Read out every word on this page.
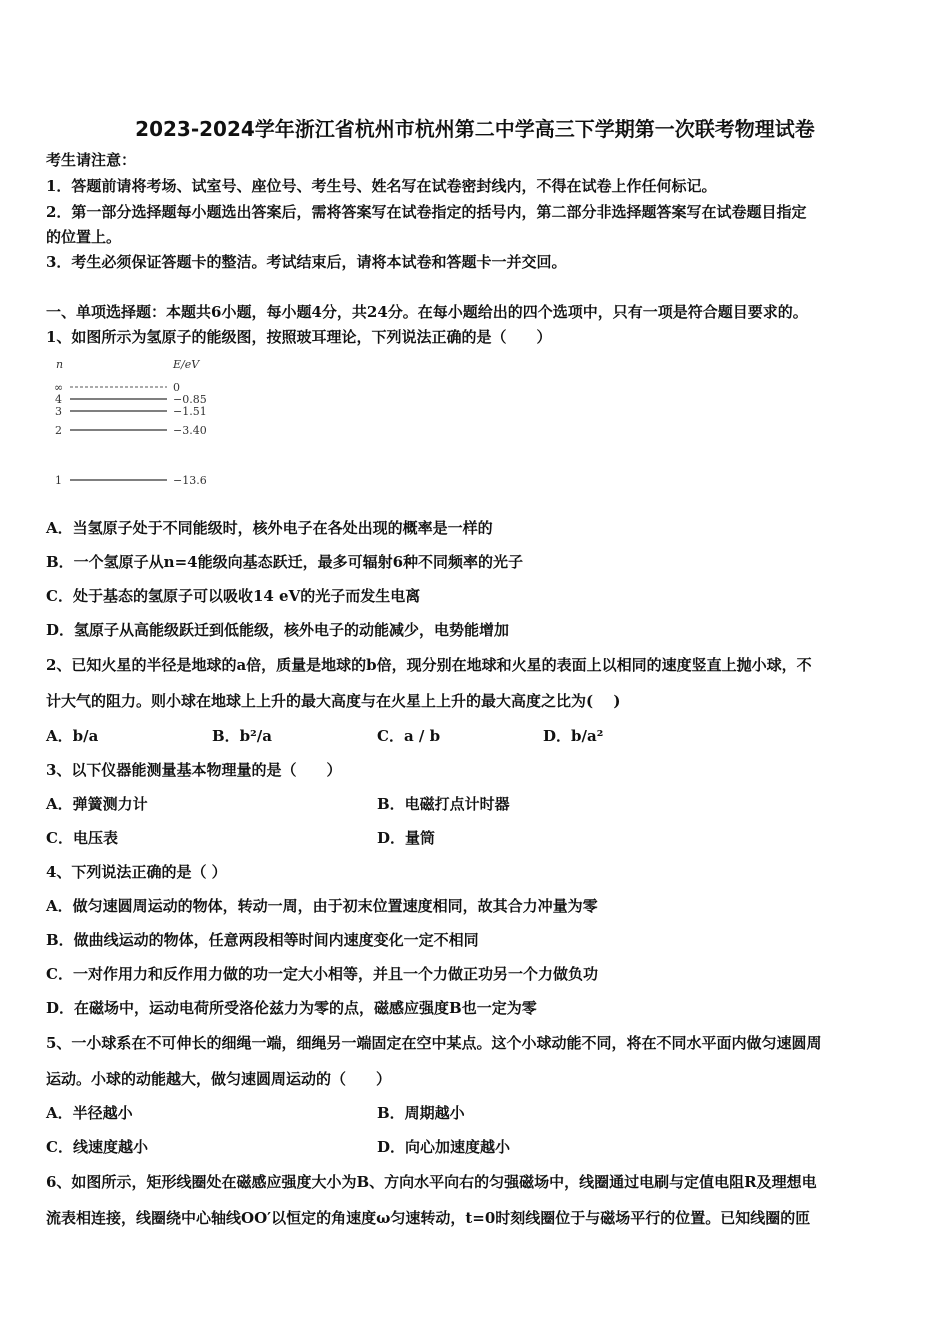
2023-2024学年浙江省杭州市杭州第二中学高三下学期第一次联考物理试卷
考生请注意：
1．答题前请将考场、试室号、座位号、考生号、姓名写在试卷密封线内，不得在试卷上作任何标记。
2．第一部分选择题每小题选出答案后，需将答案写在试卷指定的括号内，第二部分非选择题答案写在试卷题目指定
的位置上。
3．考生必须保证答题卡的整洁。考试结束后，请将本试卷和答题卡一并交回。
一、单项选择题：本题共6小题，每小题4分，共24分。在每小题给出的四个选项中，只有一项是符合题目要求的。
1、如图所示为氢原子的能级图，按照玻耳理论，下列说法正确的是（　　）
n	E/eV
∞	0
4	−0.85
3	−1.51
2	−3.40
1	−13.6
A．当氢原子处于不同能级时，核外电子在各处出现的概率是一样的
B．一个氢原子从n=4能级向基态跃迁，最多可辐射6种不同频率的光子
C．处于基态的氢原子可以吸收14 eV的光子而发生电离
D．氢原子从高能级跃迁到低能级，核外电子的动能减少，电势能增加
2、已知火星的半径是地球的a倍，质量是地球的b倍，现分别在地球和火星的表面上以相同的速度竖直上抛小球，不
计大气的阻力。则小球在地球上上升的最大高度与在火星上上升的最大高度之比为(　 )
A．b/a	B．b²/a	C．a / b	D．b/a²
3、以下仪器能测量基本物理量的是（　　）
A．弹簧测力计	B．电磁打点计时器
C．电压表	D．量筒
4、下列说法正确的是（ ）
A．做匀速圆周运动的物体，转动一周，由于初末位置速度相同，故其合力冲量为零
B．做曲线运动的物体，任意两段相等时间内速度变化一定不相同
C．一对作用力和反作用力做的功一定大小相等，并且一个力做正功另一个力做负功
D．在磁场中，运动电荷所受洛伦兹力为零的点，磁感应强度B也一定为零
5、一小球系在不可伸长的细绳一端，细绳另一端固定在空中某点。这个小球动能不同，将在不同水平面内做匀速圆周
运动。小球的动能越大，做匀速圆周运动的（　　）
A．半径越小	B．周期越小
C．线速度越小	D．向心加速度越小
6、如图所示，矩形线圈处在磁感应强度大小为B、方向水平向右的匀强磁场中，线圈通过电刷与定值电阻R及理想电
流表相连接，线圈绕中心轴线OO′以恒定的角速度ω匀速转动，t=0时刻线圈位于与磁场平行的位置。已知线圈的匝
